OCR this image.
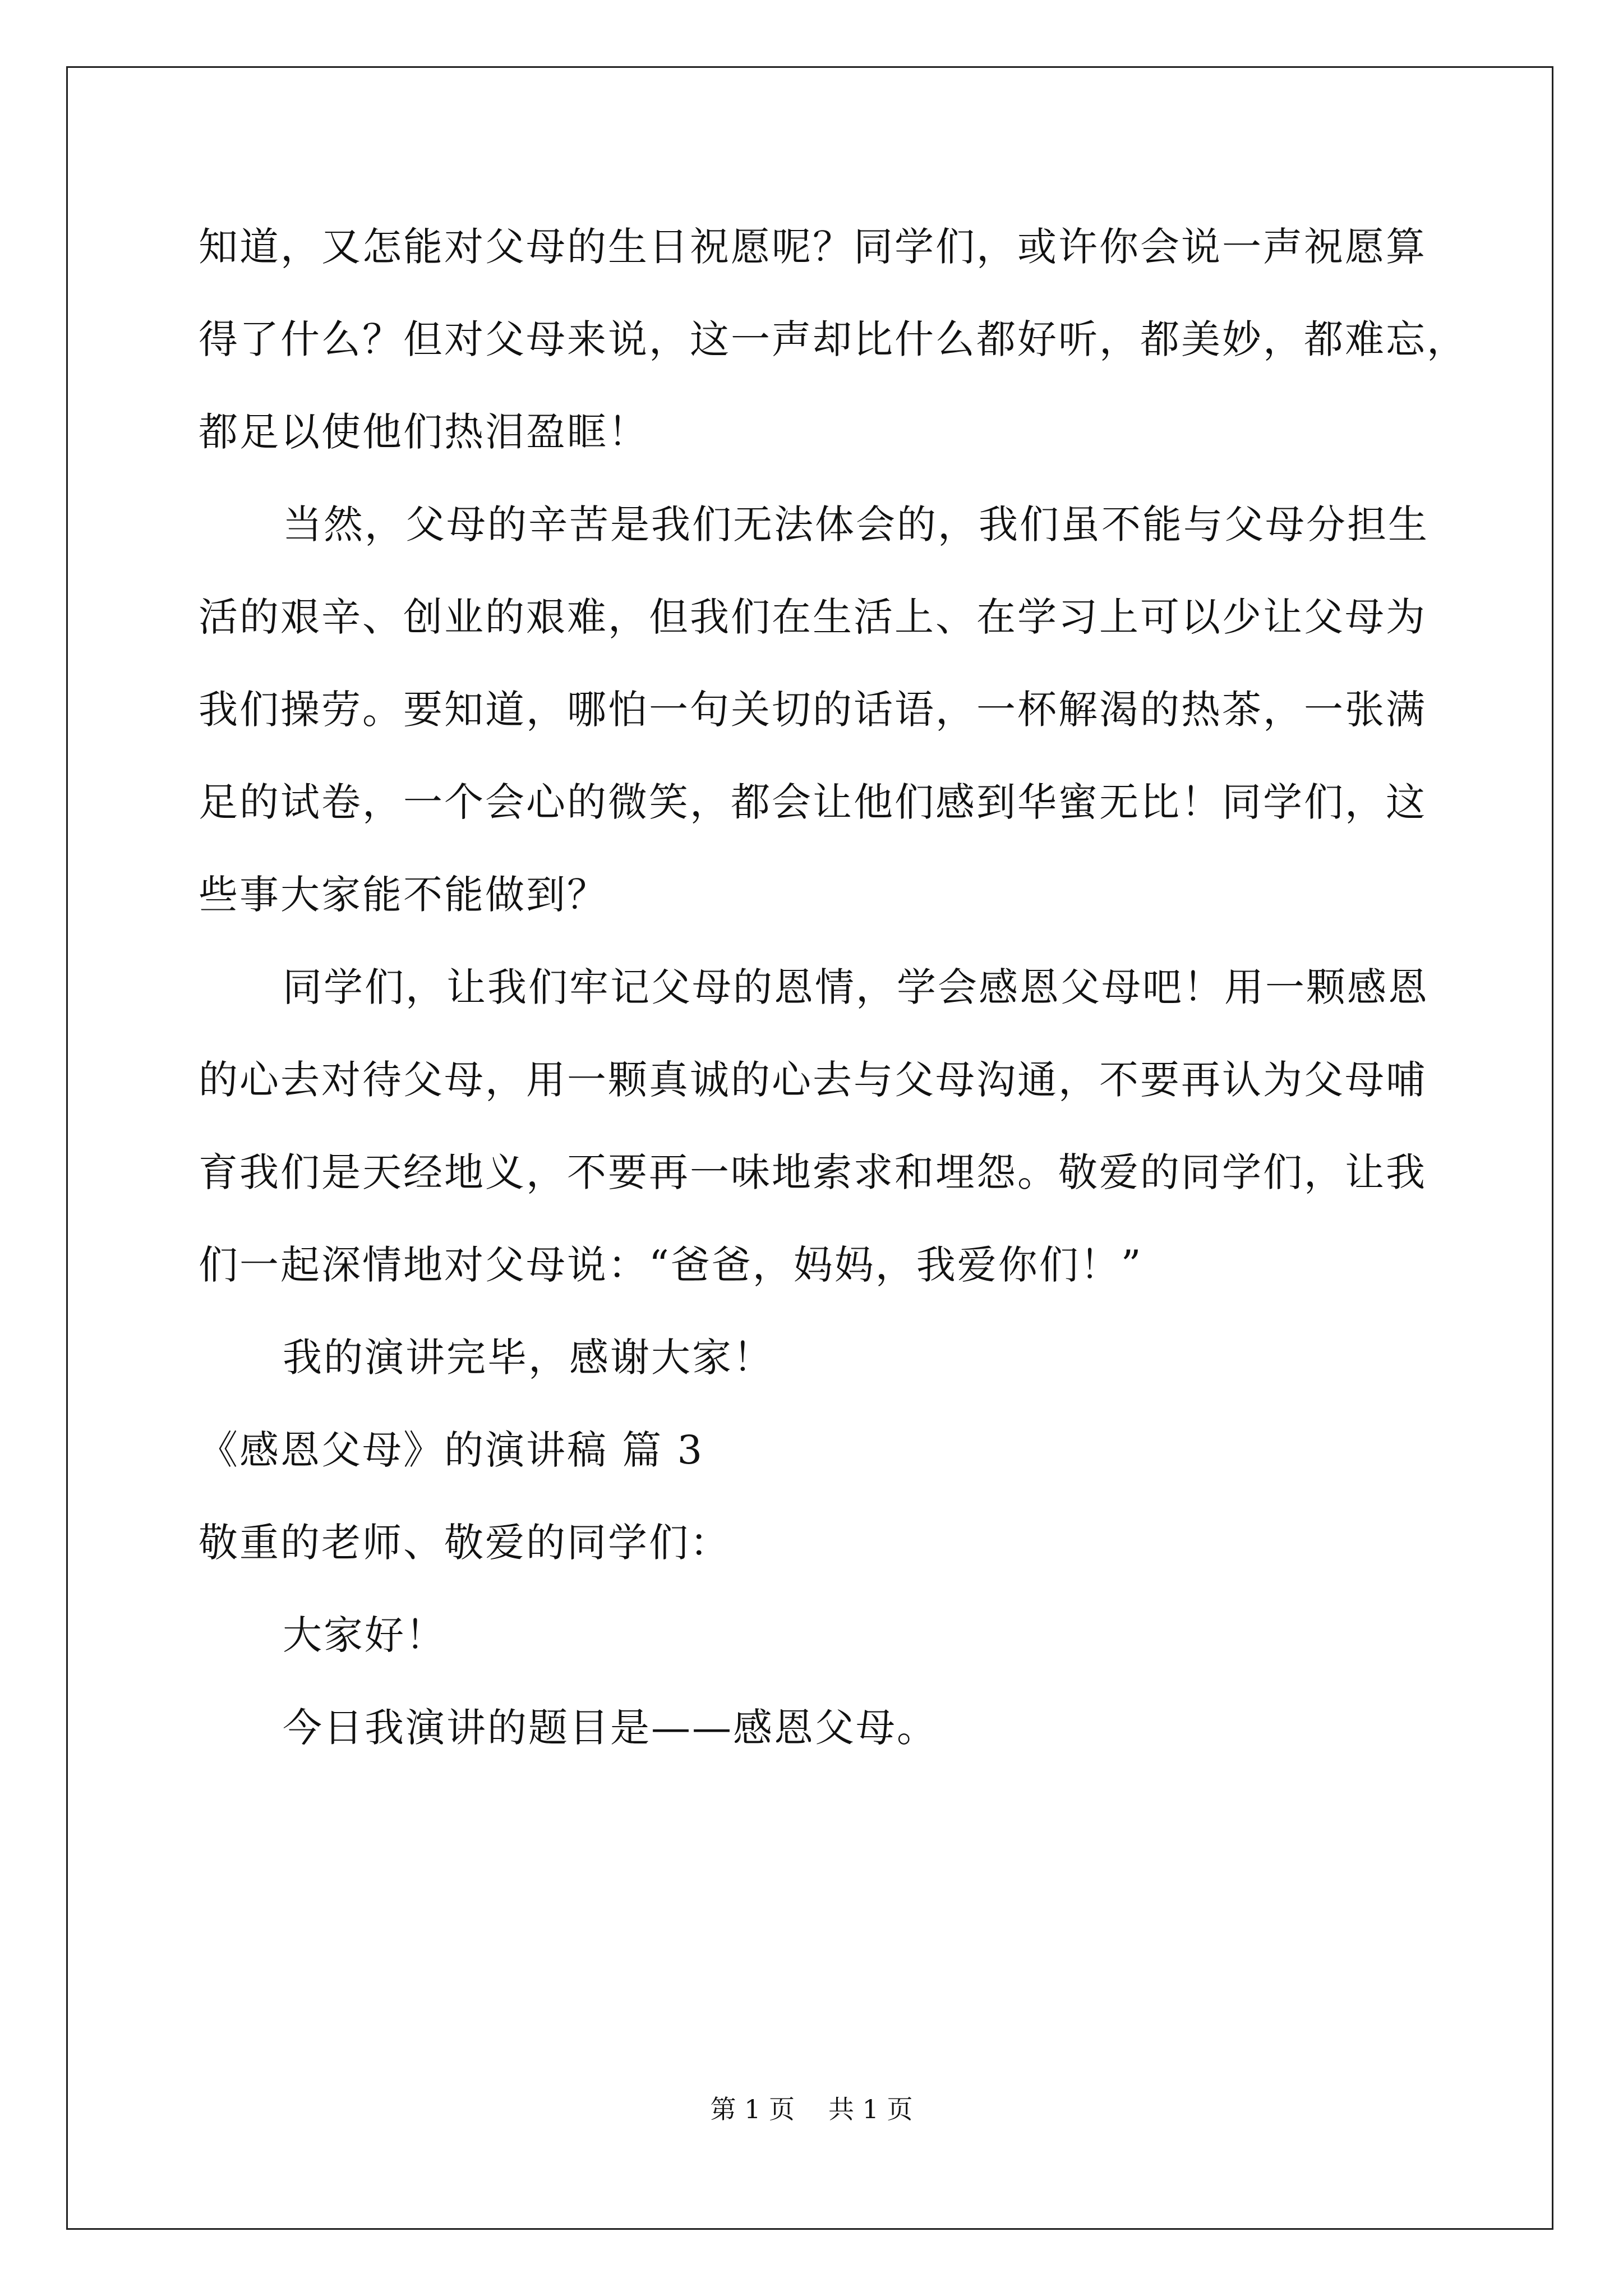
知道，又怎能对父母的生日祝愿呢？同学们，或许你会说一声祝愿算

得了什么？但对父母来说，这一声却比什么都好听，都美妙，都难忘，

都足以使他们热泪盈眶！

当然，父母的辛苦是我们无法体会的，我们虽不能与父母分担生

活的艰辛、创业的艰难，但我们在生活上、在学习上可以少让父母为

我们操劳。要知道，哪怕一句关切的话语，一杯解渴的热茶，一张满

足的试卷，一个会心的微笑，都会让他们感到华蜜无比！同学们，这

些事大家能不能做到？

同学们，让我们牢记父母的恩情，学会感恩父母吧！用一颗感恩

的心去对待父母，用一颗真诚的心去与父母沟通，不要再认为父母哺

育我们是天经地义，不要再一味地索求和埋怨。敬爱的同学们，让我

们一起深情地对父母说：“爸爸，妈妈，我爱你们！”

我的演讲完毕，感谢大家！

《感恩父母》的演讲稿 篇 3

敬重的老师、敬爱的同学们：

大家好！

今日我演讲的题目是——感恩父母。

第 1 页 共 1 页
